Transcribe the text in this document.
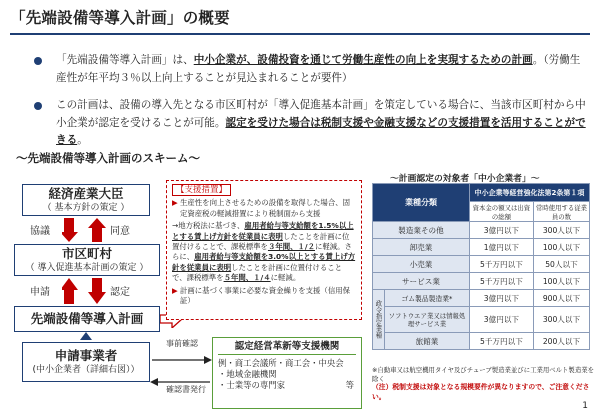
「先端設備等導入計画」の概要
「先端設備等導入計画」は、中小企業が、設備投資を通じて労働生産性の向上を実現するための計画。（労働生産性が年平均３％以上向上することが見込まれることが要件）
この計画は、設備の導入先となる市区町村が「導入促進基本計画」を策定している場合に、当該市区町村から中小企業が認定を受けることが可能。認定を受けた場合は税制支援や金融支援などの支援措置を活用することができる。
～先端設備等導入計画のスキーム～
経済産業大臣
（ 基本方針の策定 ）
協議	同意
市区町村
（ 導入促進基本計画の策定 ）
申請	認定
先端設備等導入計画
申請事業者
(中小企業者（詳細右図））
事前確認
確認書発行
【支援措置】
▶ 生産性を向上させるための設備を取得した場合、固定資産税の軽減措置により税制面から支援
→地方税法に基づき、雇用者給与等支給額を1.5%以上とする賃上げ方針を従業員に表明したことを計画に位置付けることで、課税標準を３年間、１/２に軽減。さらに、雇用者給与等支給額を3.0%以上とする賃上げ方針を従業員に表明したことを計画に位置付けることで、課税標準を５年間、１/４に軽減。
▶ 計画に基づく事業に必要な資金繰りを支援（信用保証）
認定経営革新等支援機関
例・商工会議所・商工会・中央会
・地域金融機関
・士業等の専門家	等
～計画認定の対象者「中小企業者」～
業種分類		中小企業等経営強化法第2条第１項	
		資本金の額又は出資の総額	常時使用する従業員の数
製造業その他		3億円以下	300人以下
卸売業		1億円以下	100人以下
小売業		5千万円以下	50人以下
サービス業		5千万円以下	100人以下
政令指定業種	ゴム製品製造業*	3億円以下	900人以下
	ソフトウエア業又は情報処理サービス業	3億円以下	300人以下
	旅館業	5千万円以下	200人以下
※自動車又は航空機用タイヤ及びチューブ製造業並びに工業用ベルト製造業を除く
（注）税制支援は対象となる規模要件が異なりますので、ご注意ください。
1
